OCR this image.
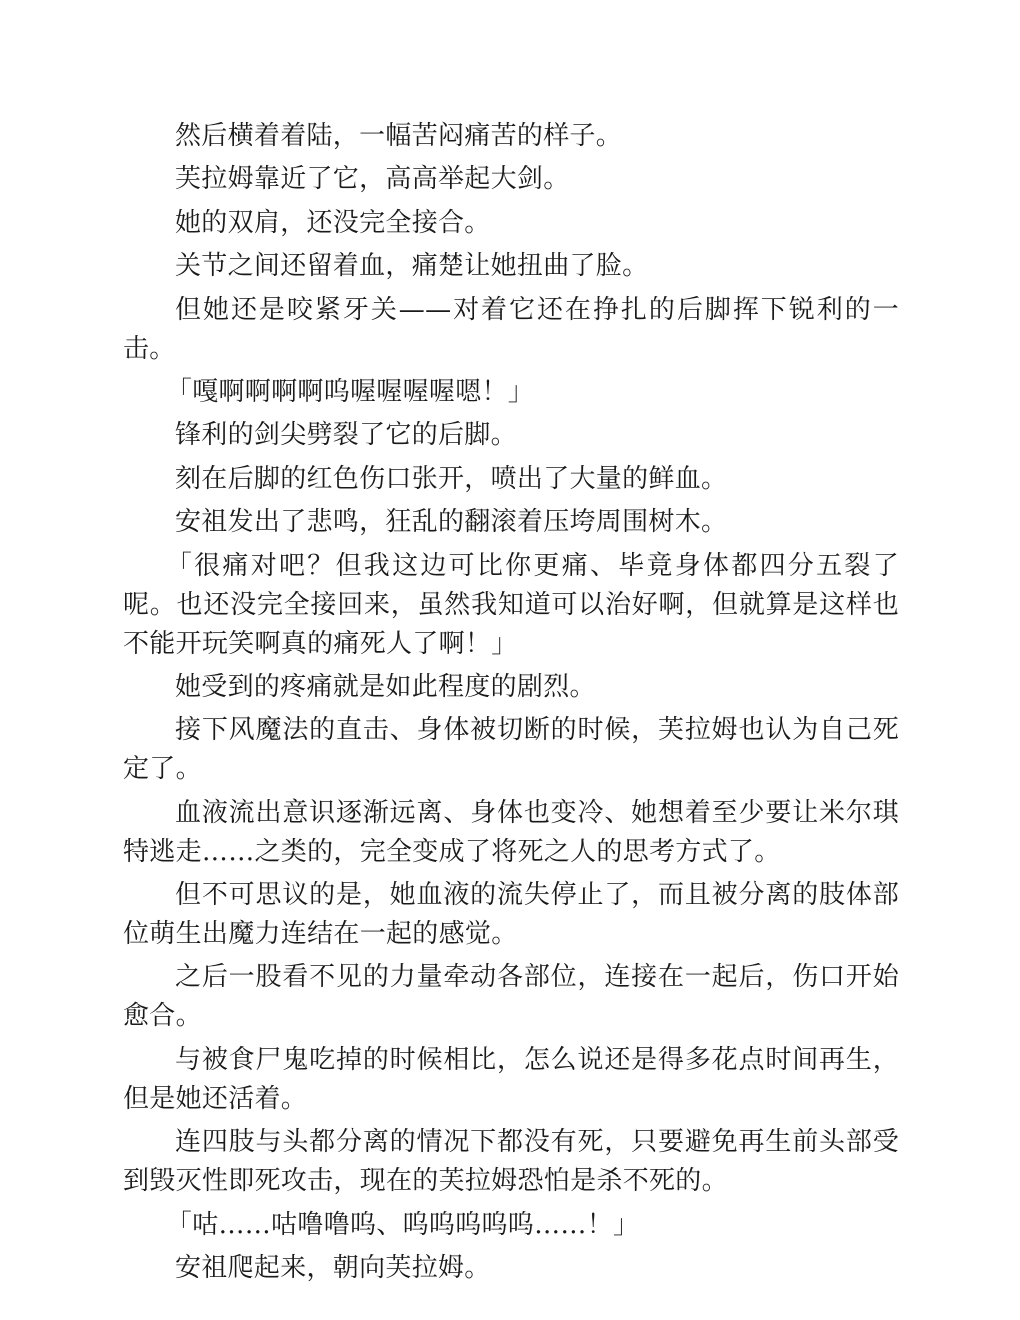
然后横着着陆，一幅苦闷痛苦的样子。

芙拉姆靠近了它，高高举起大剑。

她的双肩，还没完全接合。

关节之间还留着血，痛楚让她扭曲了脸。

但她还是咬紧牙关——对着它还在挣扎的后脚挥下锐利的一击。

「嘎啊啊啊啊呜喔喔喔喔嗯！」

锋利的剑尖劈裂了它的后脚。

刻在后脚的红色伤口张开，喷出了大量的鲜血。

安祖发出了悲鸣，狂乱的翻滚着压垮周围树木。

「很痛对吧？但我这边可比你更痛、毕竟身体都四分五裂了呢。也还没完全接回来，虽然我知道可以治好啊，但就算是这样也不能开玩笑啊真的痛死人了啊！」

她受到的疼痛就是如此程度的剧烈。

接下风魔法的直击、身体被切断的时候，芙拉姆也认为自己死定了。

血液流出意识逐渐远离、身体也变冷、她想着至少要让米尔琪特逃走……之类的，完全变成了将死之人的思考方式了。

但不可思议的是，她血液的流失停止了，而且被分离的肢体部位萌生出魔力连结在一起的感觉。

之后一股看不见的力量牵动各部位，连接在一起后，伤口开始愈合。

与被食尸鬼吃掉的时候相比，怎么说还是得多花点时间再生，但是她还活着。

连四肢与头都分离的情况下都没有死，只要避免再生前头部受到毁灭性即死攻击，现在的芙拉姆恐怕是杀不死的。

「咕……咕噜噜呜、呜呜呜呜呜……！」

安祖爬起来，朝向芙拉姆。
